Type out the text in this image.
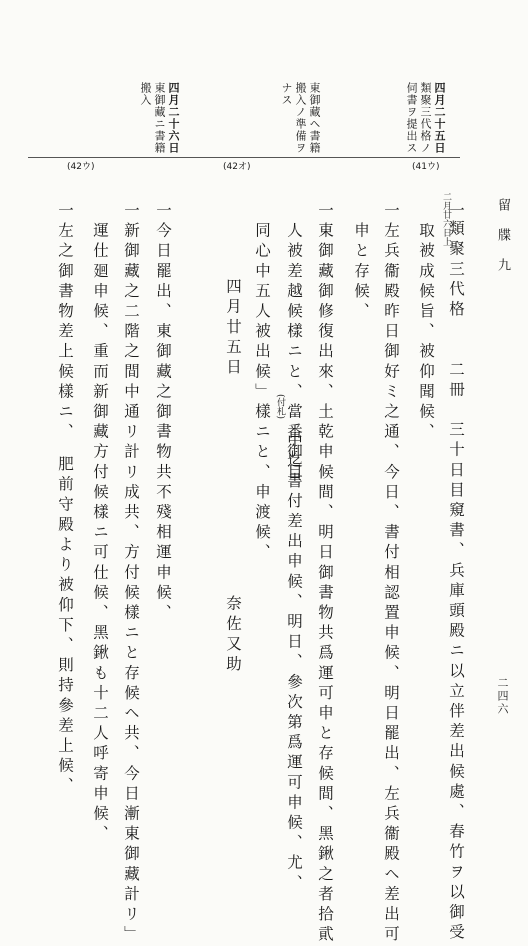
四月二十五日
類聚三代格ノ
伺書ヲ提出ス
東御藏ヘ書籍
搬入ノ準備ヲ
ナス
四月二十六日
東御藏ニ書籍
搬入
(41ウ)
(42オ)
(42ウ)
留　牒　九
二四六
二月廿六日上
一
類聚三代格　　二冊　三十日目窺書、兵庫頭殿ニ以立伴差出候處、春竹ヲ以御受
取被成候旨、被仰聞候、
一
左兵衞殿昨日御好ミ之通、今日、書付相認置申候、明日罷出、左兵衞殿ヘ差出可
申と存候、
一
東御藏御修復出來、土乾申候間、明日御書物共爲運可申と存候間、黑鍬之者拾貮
人被差越候樣ニと、當番御目
(付札)
中迄書付差出申候、明日、參次第爲運可申候、尤、
同心中五人被出候」樣ニと、申渡候、
四月廿五日
奈佐又助
一
今日罷出、東御藏之御書物共不殘相運申候、
一
新御藏之二階之間中通リ計リ成共、方付候樣ニと存候ヘ共、今日漸東御藏計リ」
運仕廻申候、重而新御藏方付候樣ニ可仕候、黑鍬も十二人呼寄申候、
一
左之御書物差上候樣ニ、　肥前守殿より被仰下、則持參差上候、
